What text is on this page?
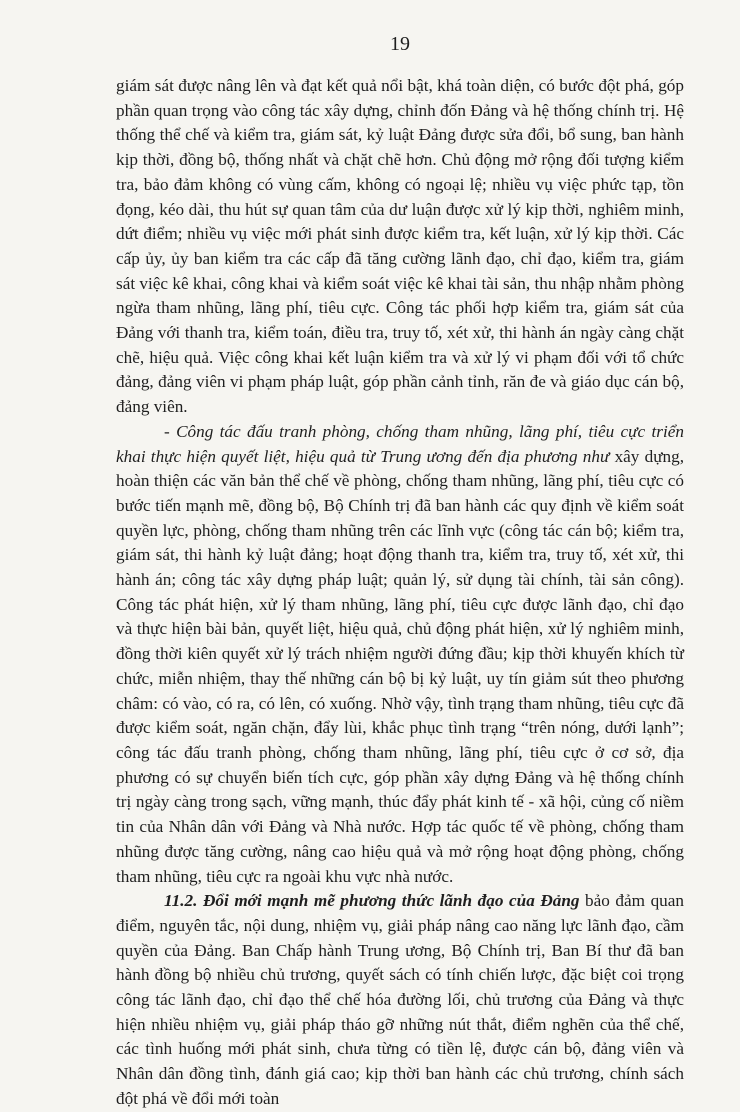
19

giám sát được nâng lên và đạt kết quả nổi bật, khá toàn diện, có bước đột phá, góp phần quan trọng vào công tác xây dựng, chỉnh đốn Đảng và hệ thống chính trị. Hệ thống thể chế và kiểm tra, giám sát, kỷ luật Đảng được sửa đổi, bổ sung, ban hành kịp thời, đồng bộ, thống nhất và chặt chẽ hơn. Chủ động mở rộng đối tượng kiểm tra, bảo đảm không có vùng cấm, không có ngoại lệ; nhiều vụ việc phức tạp, tồn đọng, kéo dài, thu hút sự quan tâm của dư luận được xử lý kịp thời, nghiêm minh, dứt điểm; nhiều vụ việc mới phát sinh được kiểm tra, kết luận, xử lý kịp thời. Các cấp ủy, ủy ban kiểm tra các cấp đã tăng cường lãnh đạo, chỉ đạo, kiểm tra, giám sát việc kê khai, công khai và kiểm soát việc kê khai tài sản, thu nhập nhằm phòng ngừa tham nhũng, lãng phí, tiêu cực. Công tác phối hợp kiểm tra, giám sát của Đảng với thanh tra, kiểm toán, điều tra, truy tố, xét xử, thi hành án ngày càng chặt chẽ, hiệu quả. Việc công khai kết luận kiểm tra và xử lý vi phạm đối với tổ chức đảng, đảng viên vi phạm pháp luật, góp phần cảnh tỉnh, răn đe và giáo dục cán bộ, đảng viên.

- Công tác đấu tranh phòng, chống tham nhũng, lãng phí, tiêu cực triển khai thực hiện quyết liệt, hiệu quả từ Trung ương đến địa phương như xây dựng, hoàn thiện các văn bản thể chế về phòng, chống tham nhũng, lãng phí, tiêu cực có bước tiến mạnh mẽ, đồng bộ, Bộ Chính trị đã ban hành các quy định về kiểm soát quyền lực, phòng, chống tham nhũng trên các lĩnh vực (công tác cán bộ; kiểm tra, giám sát, thi hành kỷ luật đảng; hoạt động thanh tra, kiểm tra, truy tố, xét xử, thi hành án; công tác xây dựng pháp luật; quản lý, sử dụng tài chính, tài sản công). Công tác phát hiện, xử lý tham nhũng, lãng phí, tiêu cực được lãnh đạo, chỉ đạo và thực hiện bài bản, quyết liệt, hiệu quả, chủ động phát hiện, xử lý nghiêm minh, đồng thời kiên quyết xử lý trách nhiệm người đứng đầu; kịp thời khuyến khích từ chức, miễn nhiệm, thay thế những cán bộ bị kỷ luật, uy tín giảm sút theo phương châm: có vào, có ra, có lên, có xuống. Nhờ vậy, tình trạng tham nhũng, tiêu cực đã được kiểm soát, ngăn chặn, đẩy lùi, khắc phục tình trạng “trên nóng, dưới lạnh”; công tác đấu tranh phòng, chống tham nhũng, lãng phí, tiêu cực ở cơ sở, địa phương có sự chuyển biến tích cực, góp phần xây dựng Đảng và hệ thống chính trị ngày càng trong sạch, vững mạnh, thúc đẩy phát kinh tế - xã hội, củng cố niềm tin của Nhân dân với Đảng và Nhà nước. Hợp tác quốc tế về phòng, chống tham nhũng được tăng cường, nâng cao hiệu quả và mở rộng hoạt động phòng, chống tham nhũng, tiêu cực ra ngoài khu vực nhà nước.

11.2. Đổi mới mạnh mẽ phương thức lãnh đạo của Đảng bảo đảm quan điểm, nguyên tắc, nội dung, nhiệm vụ, giải pháp nâng cao năng lực lãnh đạo, cầm quyền của Đảng. Ban Chấp hành Trung ương, Bộ Chính trị, Ban Bí thư đã ban hành đồng bộ nhiều chủ trương, quyết sách có tính chiến lược, đặc biệt coi trọng công tác lãnh đạo, chỉ đạo thể chế hóa đường lối, chủ trương của Đảng và thực hiện nhiều nhiệm vụ, giải pháp tháo gỡ những nút thắt, điểm nghẽn của thể chế, các tình huống mới phát sinh, chưa từng có tiền lệ, được cán bộ, đảng viên và Nhân dân đồng tình, đánh giá cao; kịp thời ban hành các chủ trương, chính sách đột phá về đổi mới toàn
